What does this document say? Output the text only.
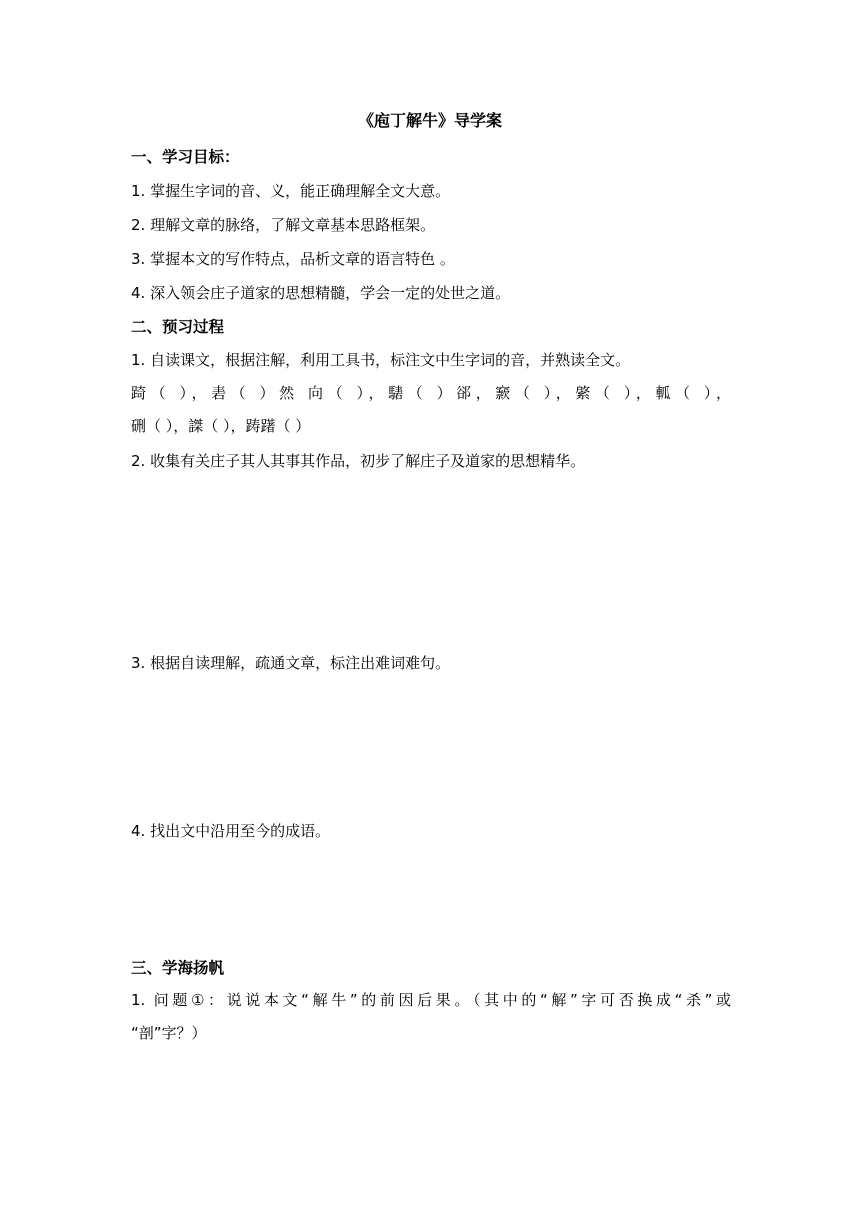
《庖丁解牛》导学案
一、学习目标：
1. 掌握生字词的音、义，能正确理解全文大意。
2. 理解文章的脉络，了解文章基本思路框架。
3. 掌握本文的写作特点，品析文章的语言特色 。
4. 深入领会庄子道家的思想精髓，学会一定的处世之道。
二、预习过程
1. 自读课文，根据注解，利用工具书，标注文中生字词的音，并熟读全文。
踦（ ），砉（ ）然 向（ ），騞（ ）郤，窾（ ），綮（ ），軱（ ），
硎（ ），謋（ ），踌躇（ ）
2. 收集有关庄子其人其事其作品，初步了解庄子及道家的思想精华。
3. 根据自读理解，疏通文章，标注出难词难句。
4. 找出文中沿用至今的成语。
三、学海扬帆
1. 问题①：说说本文“解牛”的前因后果。（其中的“解”字可否换成“杀”或
“剖”字？）
